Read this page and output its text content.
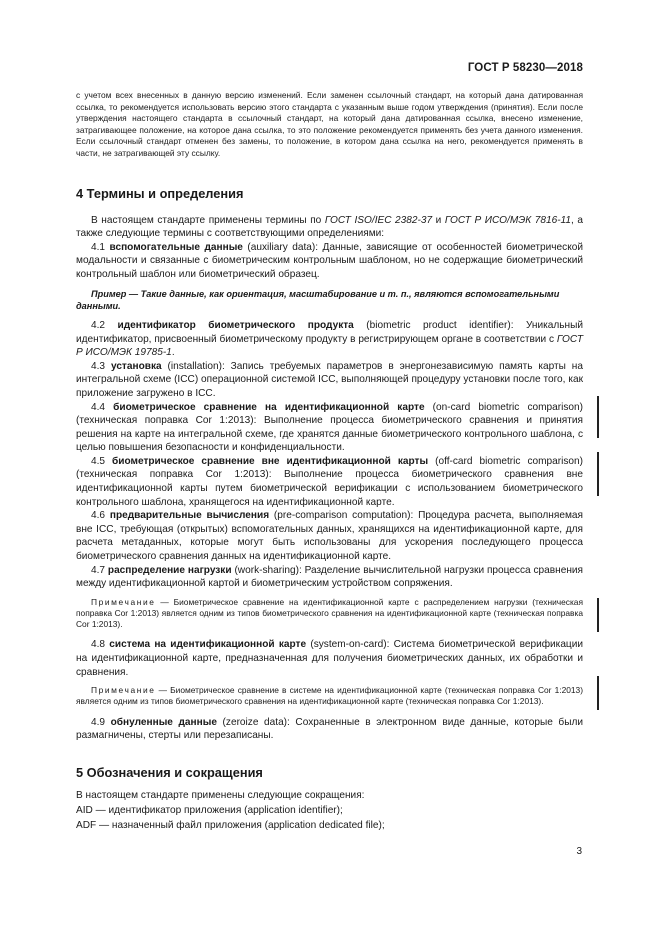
ГОСТ Р 58230—2018

с учетом всех внесенных в данную версию изменений. Если заменен ссылочный стандарт, на который дана датированная ссылка, то рекомендуется использовать версию этого стандарта с указанным выше годом утверждения (принятия). Если после утверждения настоящего стандарта в ссылочный стандарт, на который дана датированная ссылка, внесено изменение, затрагивающее положение, на которое дана ссылка, то это положение рекомендуется применять без учета данного изменения. Если ссылочный стандарт отменен без замены, то положение, в котором дана ссылка на него, рекомендуется применять в части, не затрагивающей эту ссылку.

4 Термины и определения

В настоящем стандарте применены термины по ГОСТ ISO/IEC 2382-37 и ГОСТ Р ИСО/МЭК 7816-11, а также следующие термины с соответствующими определениями:

4.1 вспомогательные данные (auxiliary data): Данные, зависящие от особенностей биометрической модальности и связанные с биометрическим контрольным шаблоном, но не содержащие биометрический контрольный шаблон или биометрический образец.

Пример — Такие данные, как ориентация, масштабирование и т. п., являются вспомогательными данными.

4.2 идентификатор биометрического продукта (biometric product identifier): Уникальный идентификатор, присвоенный биометрическому продукту в регистрирующем органе в соответствии с ГОСТ Р ИСО/МЭК 19785-1.

4.3 установка (installation): Запись требуемых параметров в энергонезависимую память карты на интегральной схеме (ICC) операционной системой ICC, выполняющей процедуру установки после того, как приложение загружено в ICC.

4.4 биометрическое сравнение на идентификационной карте (on-card biometric comparison) (техническая поправка Cor 1:2013): Выполнение процесса биометрического сравнения и принятия решения на карте на интегральной схеме, где хранятся данные биометрического контрольного шаблона, с целью повышения безопасности и конфиденциальности.

4.5 биометрическое сравнение вне идентификационной карты (off-card biometric comparison) (техническая поправка Cor 1:2013): Выполнение процесса биометрического сравнения вне идентификационной карты путем биометрической верификации с использованием биометрического контрольного шаблона, хранящегося на идентификационной карте.

4.6 предварительные вычисления (pre-comparison computation): Процедура расчета, выполняемая вне ICC, требующая (открытых) вспомогательных данных, хранящихся на идентификационной карте, для расчета метаданных, которые могут быть использованы для ускорения последующего процесса биометрического сравнения данных на идентификационной карте.

4.7 распределение нагрузки (work-sharing): Разделение вычислительной нагрузки процесса сравнения между идентификационной картой и биометрическим устройством сопряжения.

Примечание — Биометрическое сравнение на идентификационной карте с распределением нагрузки (техническая поправка Cor 1:2013) является одним из типов биометрического сравнения на идентификационной карте (техническая поправка Cor 1:2013).

4.8 система на идентификационной карте (system-on-card): Система биометрической верификации на идентификационной карте, предназначенная для получения биометрических данных, их обработки и сравнения.

Примечание — Биометрическое сравнение в системе на идентификационной карте (техническая поправка Cor 1:2013) является одним из типов биометрического сравнения на идентификационной карте (техническая поправка Cor 1:2013).

4.9 обнуленные данные (zeroize data): Сохраненные в электронном виде данные, которые были размагничены, стерты или перезаписаны.

5 Обозначения и сокращения

В настоящем стандарте применены следующие сокращения:

AID — идентификатор приложения (application identifier);

ADF — назначенный файл приложения (application dedicated file);

3
